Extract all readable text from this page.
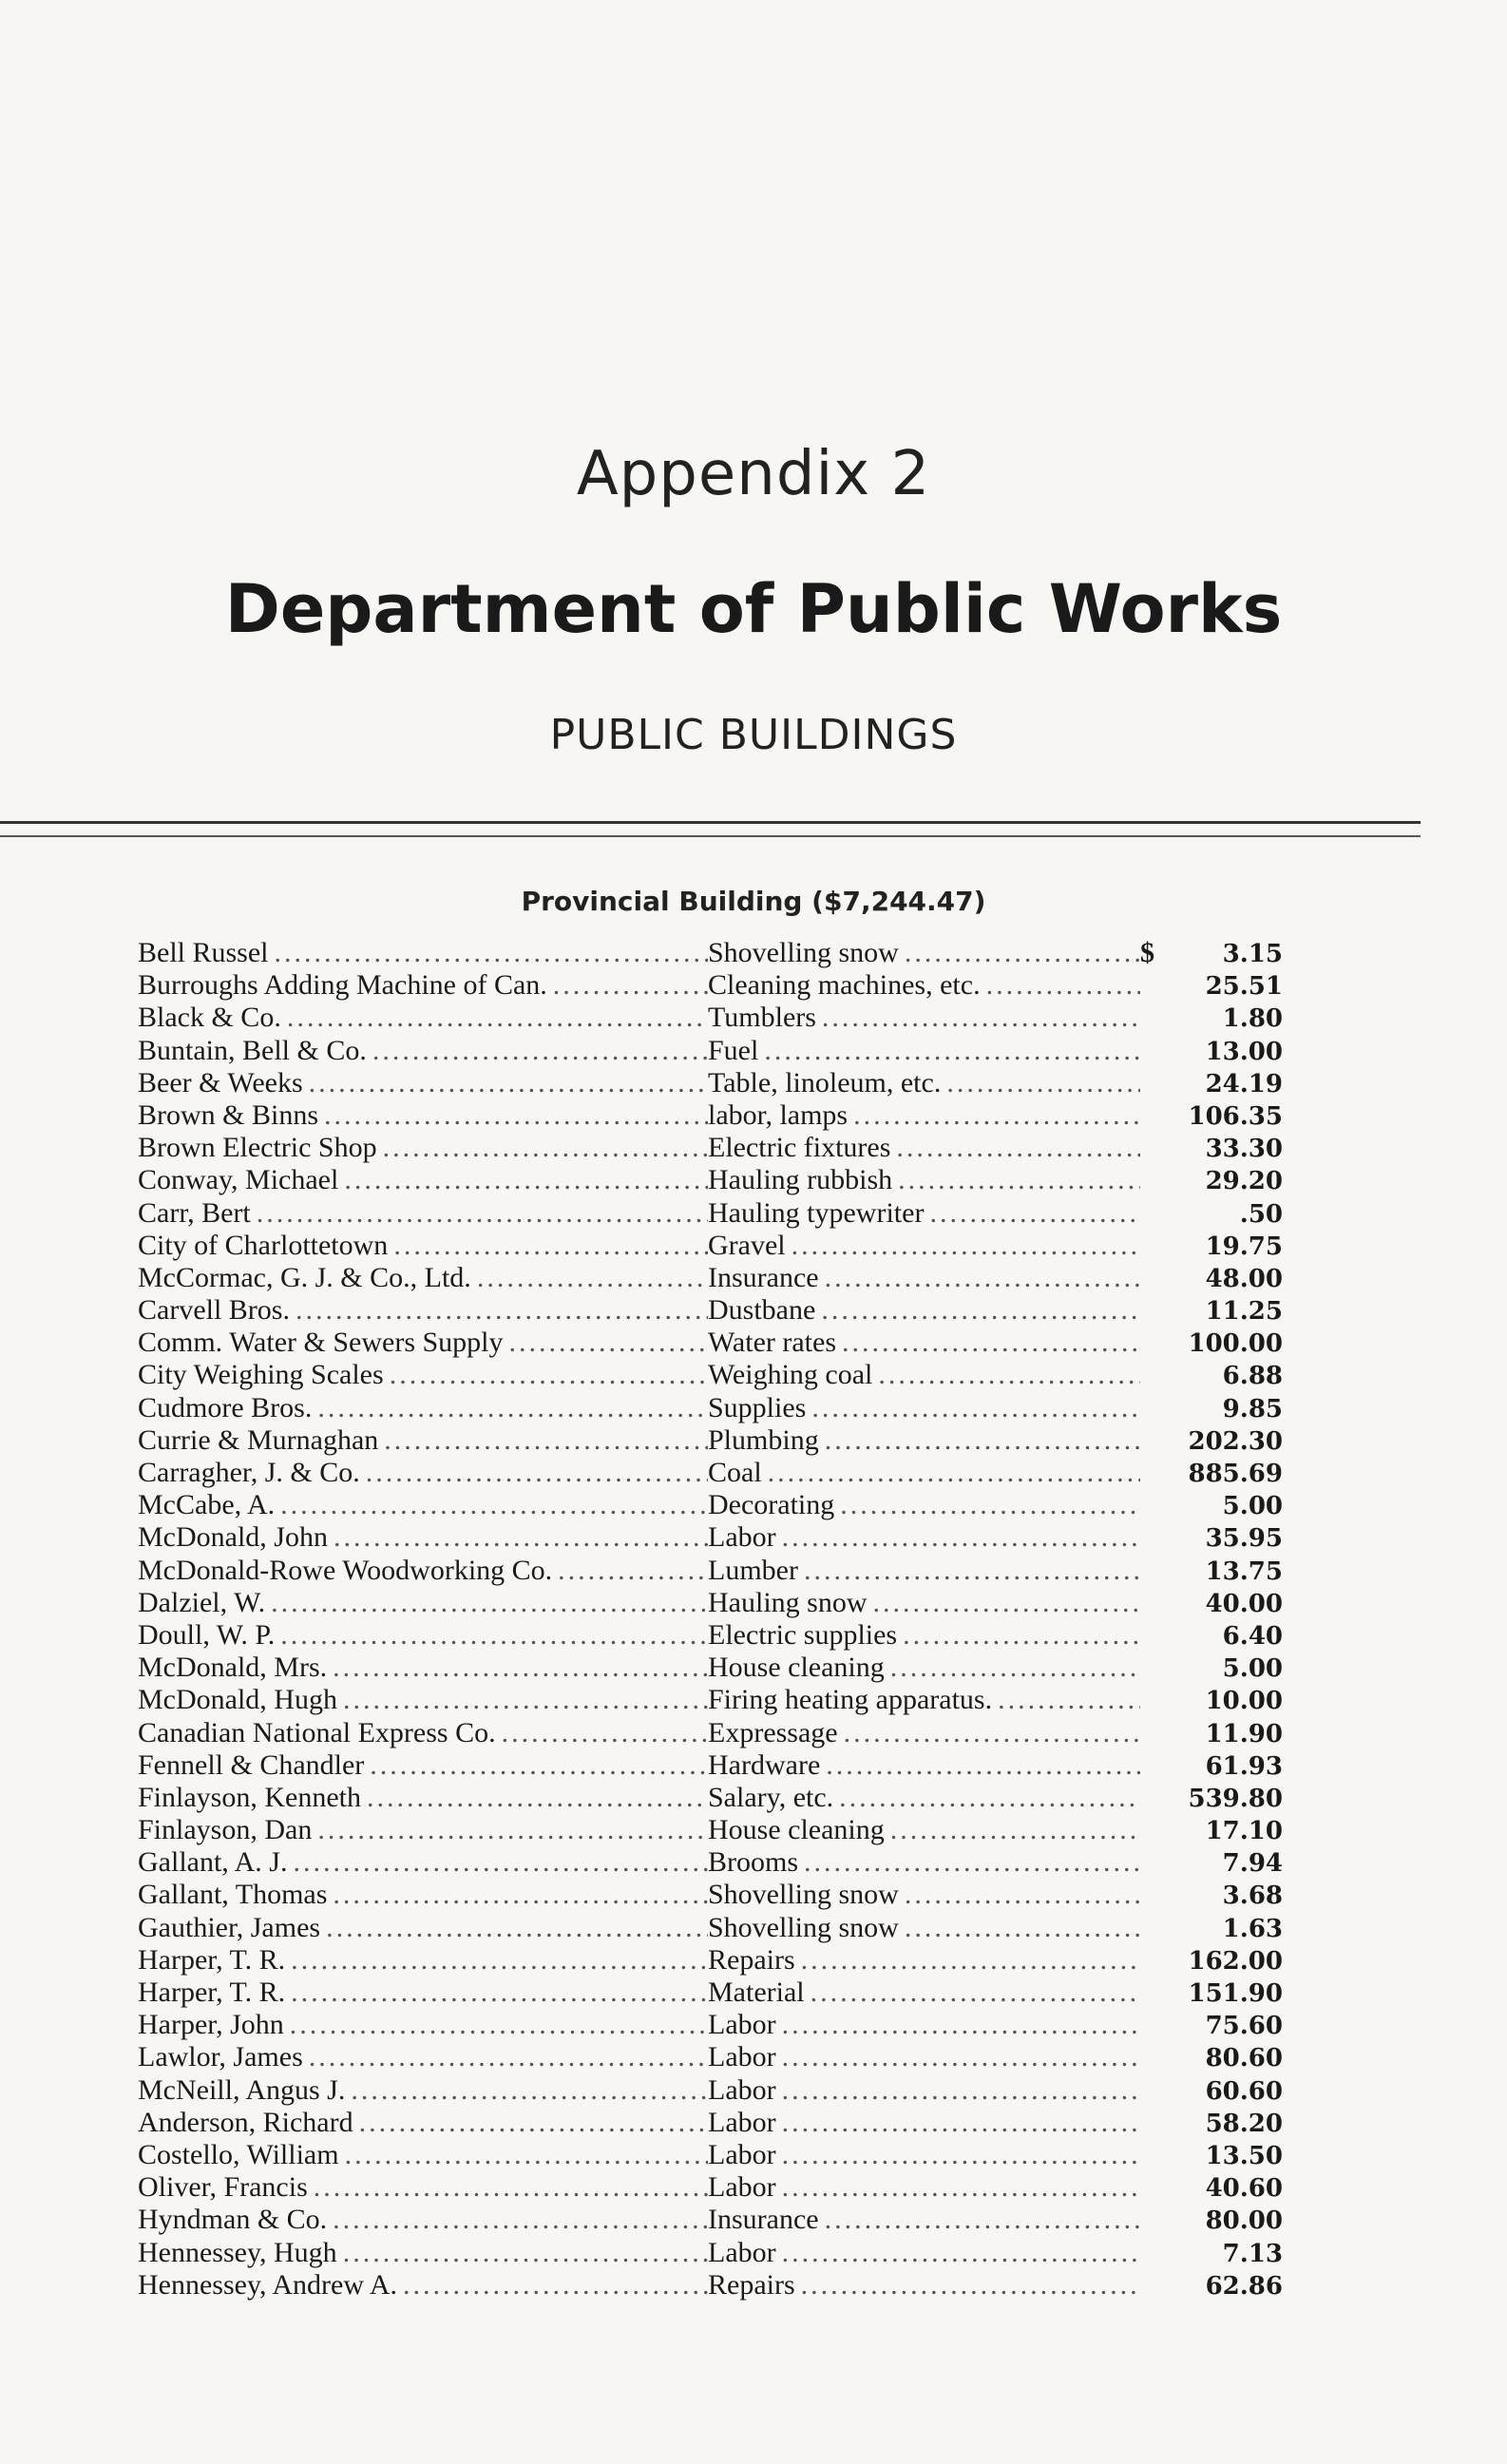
Appendix 2
Department of Public Works
PUBLIC BUILDINGS
Provincial Building ($7,244.47)
Bell Russel .....	Shovelling snow .....	$	3.15
Burroughs Adding Machine of Can. .....	Cleaning machines, etc. .....	25.51
Black & Co. .....	Tumblers .....	1.80
Buntain, Bell & Co. .....	Fuel .....	13.00
Beer & Weeks .....	Table, linoleum, etc. .....	24.19
Brown & Binns .....	labor, lamps .....	106.35
Brown Electric Shop .....	Electric fixtures .....	33.30
Conway, Michael .....	Hauling rubbish .....	29.20
Carr, Bert .....	Hauling typewriter .....	.50
City of Charlottetown .....	Gravel .....	19.75
McCormac, G. J. & Co., Ltd. .....	Insurance .....	48.00
Carvell Bros. .....	Dustbane .....	11.25
Comm. Water & Sewers Supply .....	Water rates .....	100.00
City Weighing Scales .....	Weighing coal .....	6.88
Cudmore Bros. .....	Supplies .....	9.85
Currie & Murnaghan .....	Plumbing .....	202.30
Carragher, J. & Co. .....	Coal .....	885.69
McCabe, A. .....	Decorating .....	5.00
McDonald, John .....	Labor .....	35.95
McDonald-Rowe Woodworking Co. .....	Lumber .....	13.75
Dalziel, W. .....	Hauling snow .....	40.00
Doull, W. P. .....	Electric supplies .....	6.40
McDonald, Mrs. .....	House cleaning .....	5.00
McDonald, Hugh .....	Firing heating apparatus. .....	10.00
Canadian National Express Co. .....	Expressage .....	11.90
Fennell & Chandler .....	Hardware .....	61.93
Finlayson, Kenneth .....	Salary, etc. .....	539.80
Finlayson, Dan .....	House cleaning .....	17.10
Gallant, A. J. .....	Brooms .....	7.94
Gallant, Thomas .....	Shovelling snow .....	3.68
Gauthier, James .....	Shovelling snow .....	1.63
Harper, T. R. .....	Repairs .....	162.00
Harper, T. R. .....	Material .....	151.90
Harper, John .....	Labor .....	75.60
Lawlor, James .....	Labor .....	80.60
McNeill, Angus J. .....	Labor .....	60.60
Anderson, Richard .....	Labor .....	58.20
Costello, William .....	Labor .....	13.50
Oliver, Francis .....	Labor .....	40.60
Hyndman & Co. .....	Insurance .....	80.00
Hennessey, Hugh .....	Labor .....	7.13
Hennessey, Andrew A. .....	Repairs .....	62.86
